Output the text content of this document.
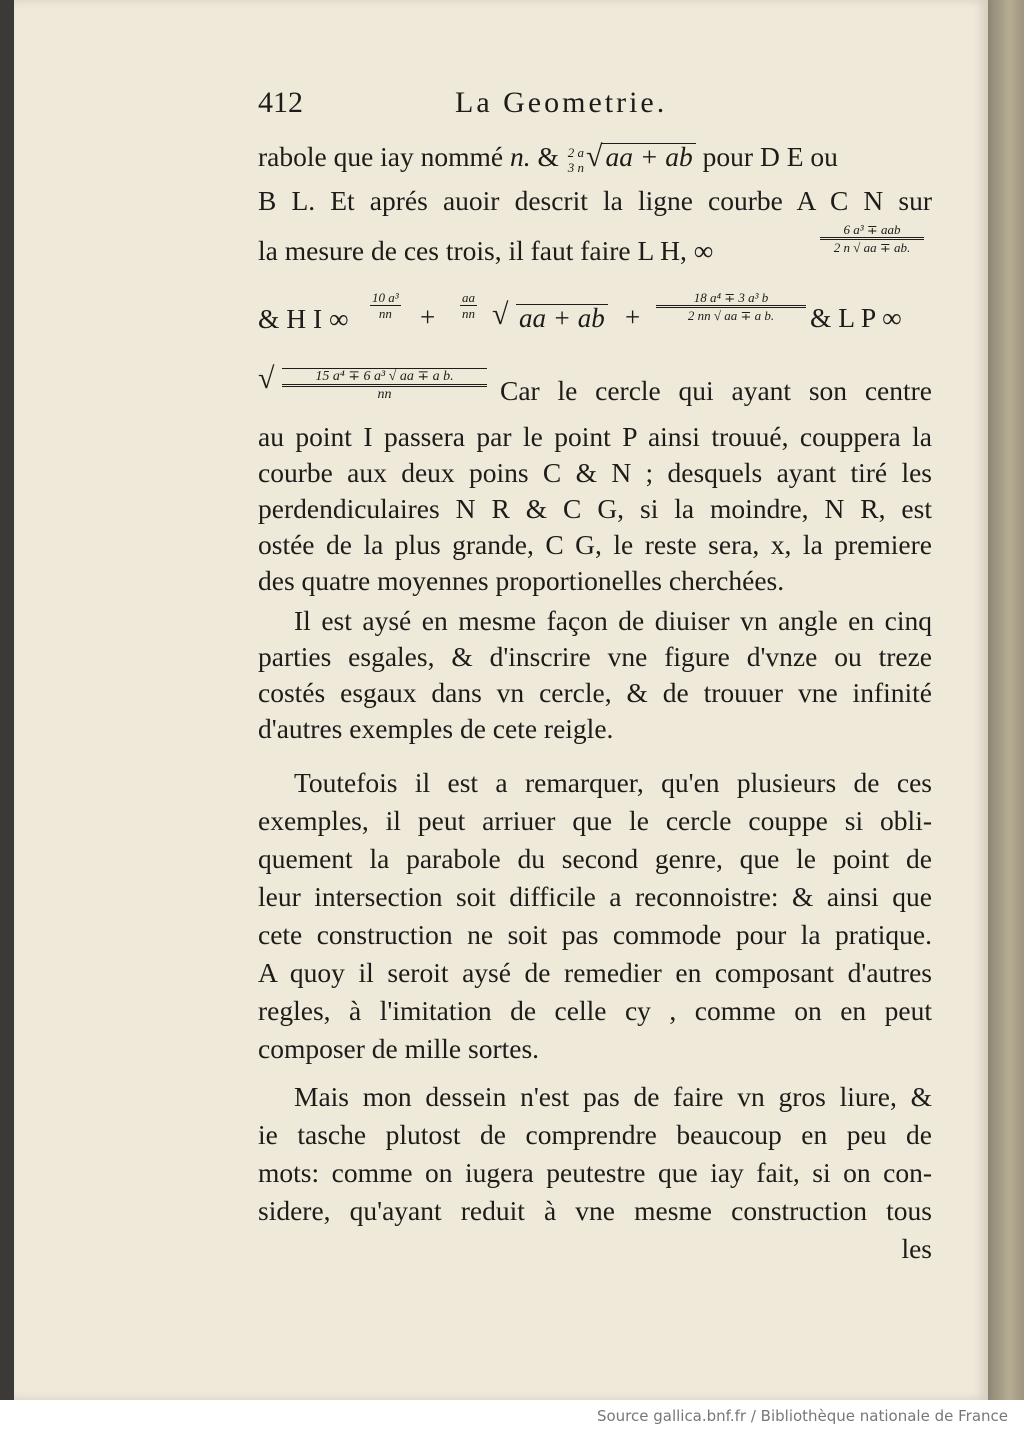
412	La Geometrie.
rabole que iay nommé n. & 2 a
3 n √ aa + ab pour D E ou
B L. Et aprés auoir descrit la ligne courbe A C N sur
la mesure de ces trois, il faut faire L H, ∞
6 a³ ∓ aab
2 n √ aa ∓ ab.
& H I ∞	$\frac{\text{10 a³}}{nn} + \frac{aa}{nn}$ √ aa + ab + $\frac{\text{18 a⁴ ∓ 3 a³ b}}{\text{2 nn √ aa ∓ a b.}}$ & L P ∞
√ $\frac{\text{15 a⁴ ∓ 6 a³ √ aa ∓ a b.}}{nn}$ Car le cercle qui ayant son centre
au point I passera par le point P ainsi trouué, couppera la
courbe aux deux poins C & N ; desquels ayant tiré les
perdendiculaires N R & C G, si la moindre, N R, est
ostée de la plus grande, C G, le reste sera, x, la premiere
des quatre moyennes proportionelles cherchées.
Il est aysé en mesme façon de diuiser vn angle en cinq
parties esgales, & d'inscrire vne figure d'vnze ou treze
costés esgaux dans vn cercle, & de trouuer vne infinité
d'autres exemples de cete reigle.
Toutefois il est a remarquer, qu'en plusieurs de ces
exemples, il peut arriuer que le cercle couppe si obli-
quement la parabole du second genre, que le point de
leur intersection soit difficile a reconnoistre: & ainsi que
cete construction ne soit pas commode pour la pratique.
A quoy il seroit aysé de remedier en composant d'autres
regles, à l'imitation de celle cy , comme on en peut
composer de mille sortes.
Mais mon dessein n'est pas de faire vn gros liure, &
ie tasche plutost de comprendre beaucoup en peu de
mots: comme on iugera peutestre que iay fait, si on con-
sidere, qu'ayant reduit à vne mesme construction tous
les
Source gallica.bnf.fr / Bibliothèque nationale de France
